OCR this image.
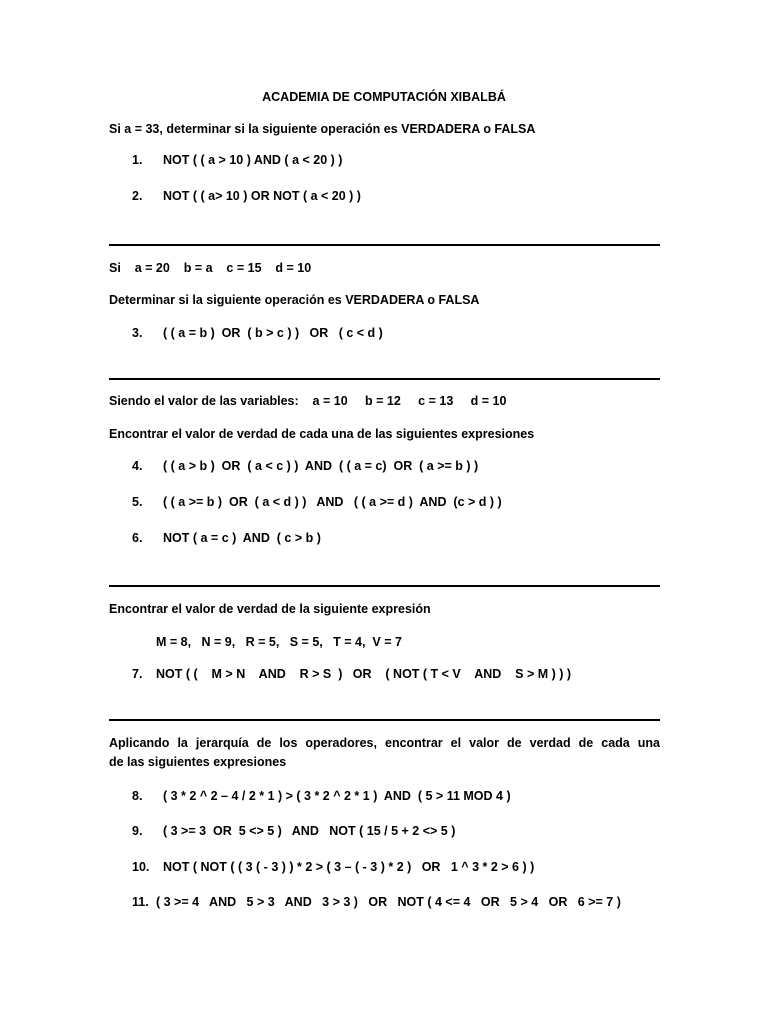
ACADEMIA DE COMPUTACIÓN XIBALBÁ
Si a = 33, determinar si la siguiente operación es VERDADERA o FALSA
1. NOT ( ( a > 10 ) AND ( a < 20 ) )
2. NOT ( ( a> 10 ) OR NOT ( a < 20 ) )
Si    a = 20    b = a    c = 15    d = 10
Determinar si la siguiente operación es VERDADERA o FALSA
3. ( ( a = b )  OR  ( b > c ) )   OR   ( c < d )
Siendo el valor de las variables:    a = 10     b = 12     c = 13     d = 10
Encontrar el valor de verdad de cada una de las siguientes expresiones
4. ( ( a > b )  OR  ( a < c ) )  AND  ( ( a = c)  OR  ( a >= b ) )
5. ( ( a >= b )  OR  ( a < d ) )   AND   ( ( a >= d )  AND  (c > d ) )
6. NOT ( a = c )  AND  ( c > b )
Encontrar el valor de verdad de la siguiente expresión
M = 8,   N = 9,   R = 5,   S = 5,   T = 4,  V = 7
7. NOT ( (    M > N    AND    R > S  )   OR    ( NOT ( T < V    AND    S > M ) ) )
Aplicando la jerarquía de los operadores, encontrar el valor de verdad de cada una
de las siguientes expresiones
8. ( 3 * 2 ^ 2 – 4 / 2 * 1 ) > ( 3 * 2 ^ 2 * 1 )  AND  ( 5 > 11 MOD 4 )
9. ( 3 >= 3  OR  5 <> 5 )   AND   NOT ( 15 / 5 + 2 <> 5 )
10. NOT ( NOT ( ( 3 ( - 3 ) ) * 2 > ( 3 – ( - 3 ) * 2 )   OR   1 ^ 3 * 2 > 6 ) )
11. ( 3 >= 4   AND   5 > 3   AND   3 > 3 )   OR   NOT ( 4 <= 4   OR   5 > 4   OR   6 >= 7 )
